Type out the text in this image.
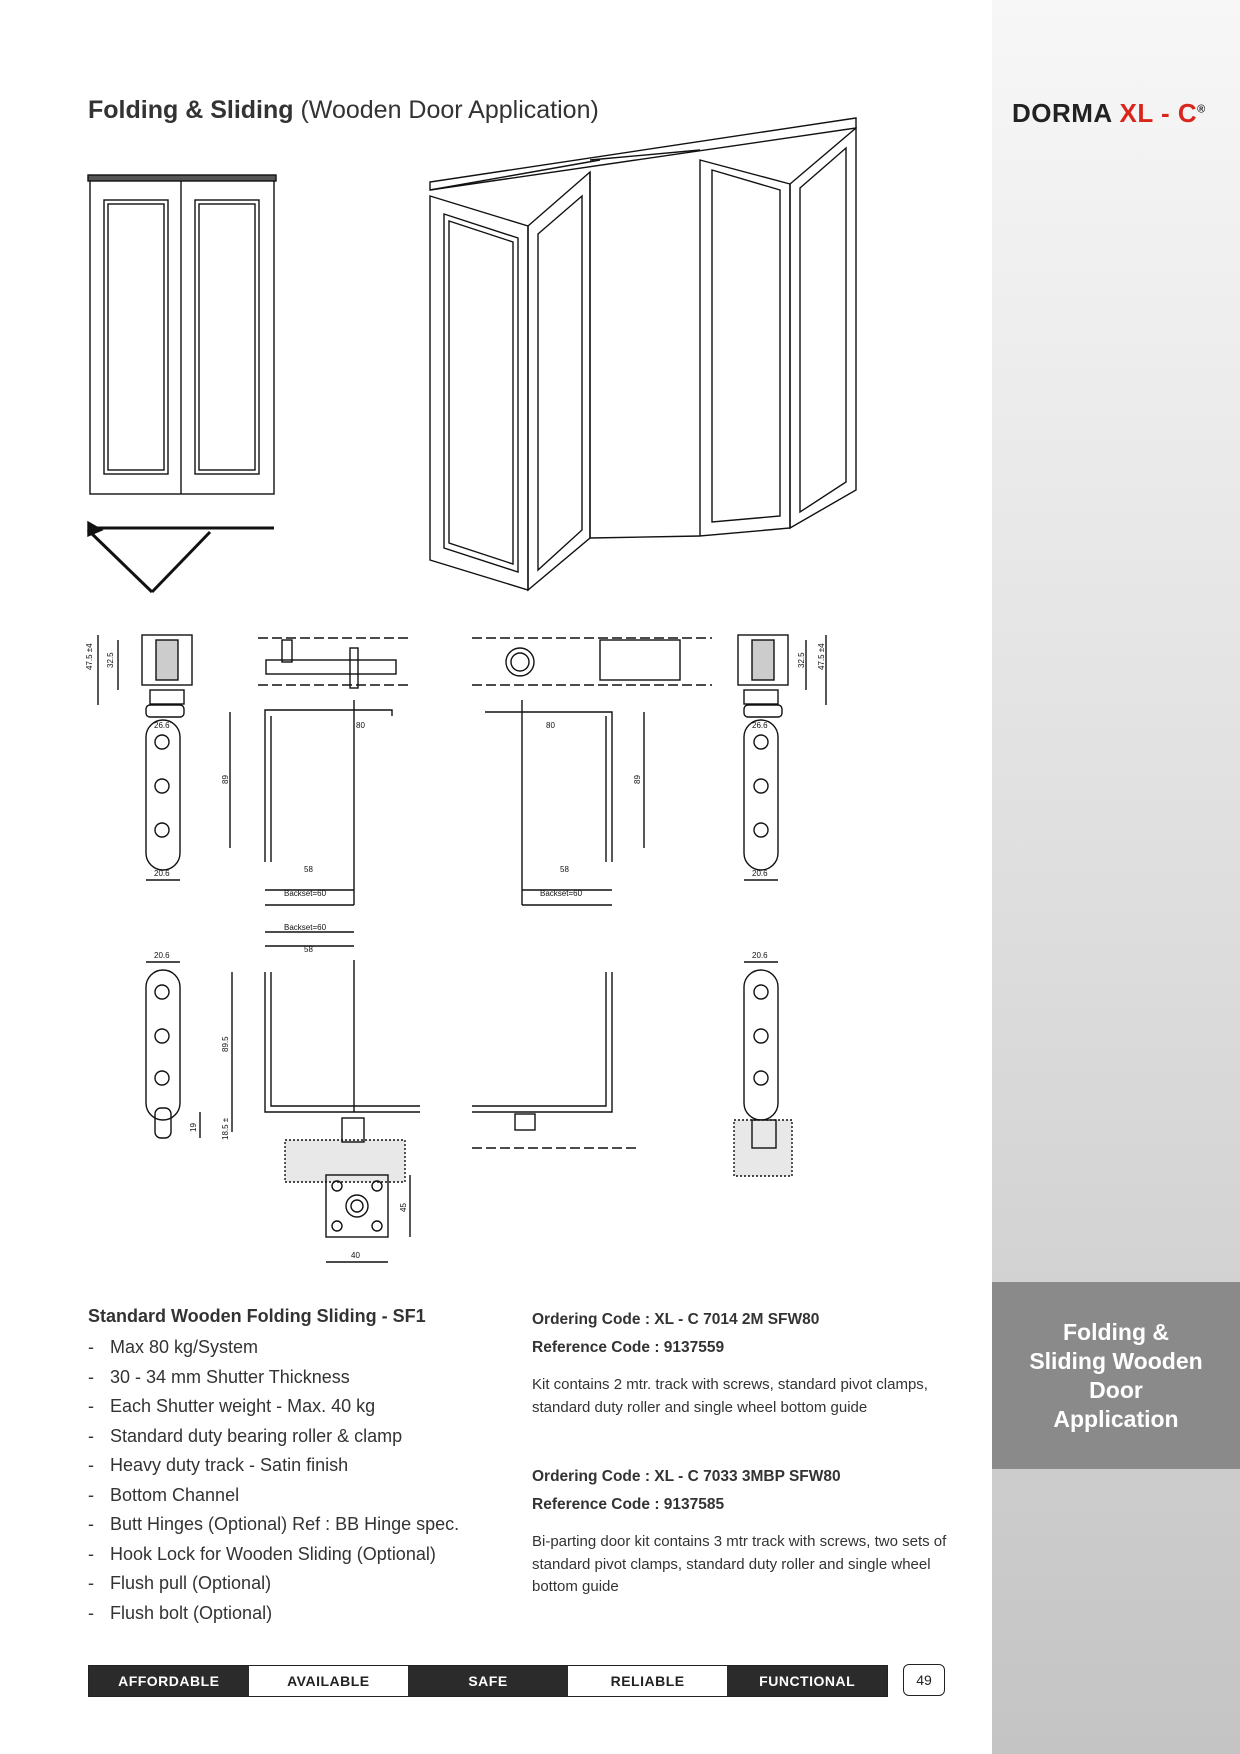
Folding & Sliding Wooden Door Application
DORMA XL - C®
Folding & Sliding (Wooden Door Application)
47.5 ±4 32.5
26.6
20.6
80
89
58
Backset=60
80
89
58
Backset=60
26.6
20.6
32.5 47.5 ±4
Backset=60
58
20.6	20.6
89.5
19	18.5 ±
45
40
Standard Wooden Folding Sliding - SF1
- Max 80 kg/System
- 30 - 34 mm Shutter Thickness
- Each Shutter weight - Max. 40 kg
- Standard duty bearing roller & clamp
- Heavy duty track - Satin finish
- Bottom Channel
- Butt Hinges (Optional) Ref : BB Hinge spec.
- Hook Lock for Wooden Sliding (Optional)
- Flush pull (Optional)
- Flush bolt (Optional)
Ordering Code : XL - C 7014 2M SFW80
Reference Code : 9137559
Kit contains 2 mtr. track with screws, standard pivot clamps, standard duty roller and single wheel bottom guide
Ordering Code : XL - C 7033 3MBP SFW80
Reference Code : 9137585
Bi-parting door kit contains 3 mtr track with screws, two sets of standard pivot clamps, standard duty roller and single wheel bottom guide
AFFORDABLE	AVAILABLE	SAFE	RELIABLE	FUNCTIONAL	49
